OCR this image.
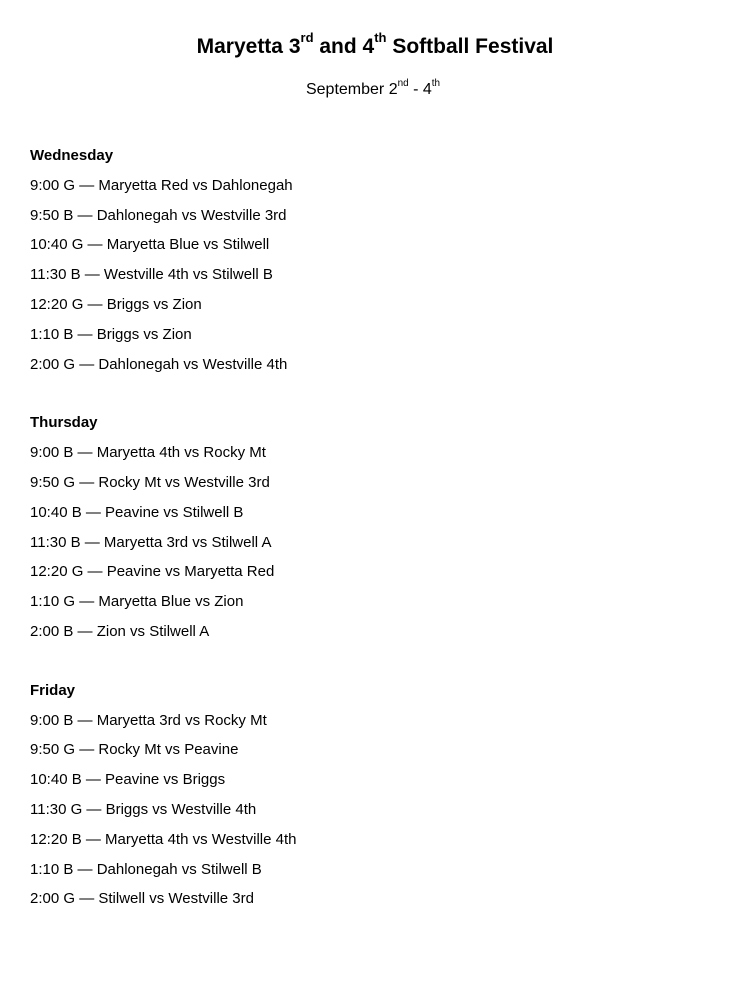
Maryetta 3rd and 4th Softball Festival
September 2nd - 4th
Wednesday
9:00 G — Maryetta Red vs Dahlonegah
9:50 B — Dahlonegah vs Westville 3rd
10:40 G — Maryetta Blue vs Stilwell
11:30 B — Westville 4th vs Stilwell B
12:20 G — Briggs vs Zion
1:10 B — Briggs vs Zion
2:00 G — Dahlonegah vs Westville 4th
Thursday
9:00 B — Maryetta 4th vs Rocky Mt
9:50 G — Rocky Mt vs Westville 3rd
10:40 B — Peavine vs Stilwell B
11:30 B — Maryetta 3rd vs Stilwell A
12:20 G — Peavine vs Maryetta Red
1:10 G — Maryetta Blue vs Zion
2:00 B — Zion vs Stilwell A
Friday
9:00 B — Maryetta 3rd vs Rocky Mt
9:50 G — Rocky Mt vs Peavine
10:40 B — Peavine vs Briggs
11:30 G — Briggs vs Westville 4th
12:20 B — Maryetta 4th vs Westville 4th
1:10 B — Dahlonegah vs Stilwell B
2:00 G — Stilwell vs Westville 3rd
